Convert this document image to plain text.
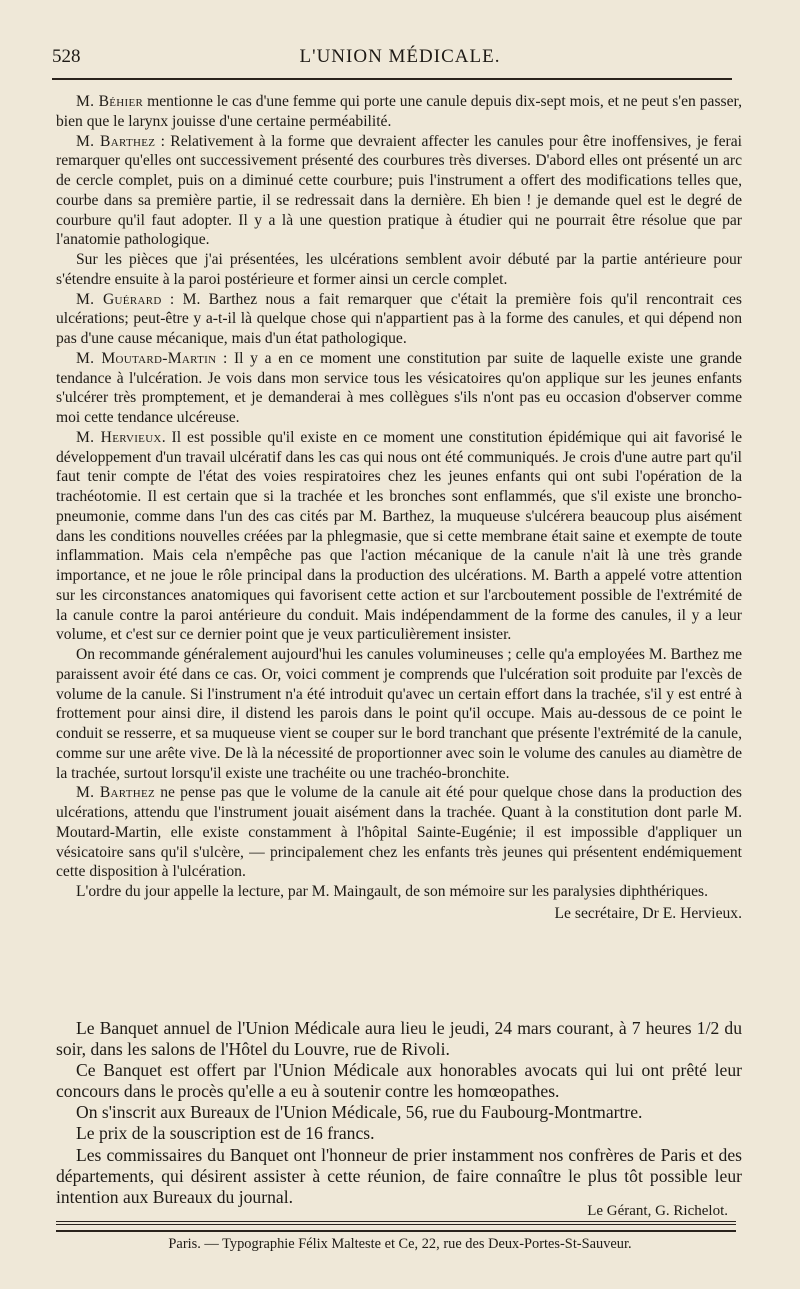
528	L'UNION MÉDICALE.

M. Béhier mentionne le cas d'une femme qui porte une canule depuis dix-sept mois, et ne peut s'en passer, bien que le larynx jouisse d'une certaine perméabilité.

M. Barthez : Relativement à la forme que devraient affecter les canules pour être inoffensives, je ferai remarquer qu'elles ont successivement présenté des courbures très diverses. D'abord elles ont présenté un arc de cercle complet, puis on a diminué cette courbure; puis l'instrument a offert des modifications telles que, courbe dans sa première partie, il se redressait dans la dernière. Eh bien ! je demande quel est le degré de courbure qu'il faut adopter. Il y a là une question pratique à étudier qui ne pourrait être résolue que par l'anatomie pathologique.

Sur les pièces que j'ai présentées, les ulcérations semblent avoir débuté par la partie antérieure pour s'étendre ensuite à la paroi postérieure et former ainsi un cercle complet.

M. Guérard : M. Barthez nous a fait remarquer que c'était la première fois qu'il rencontrait ces ulcérations; peut-être y a-t-il là quelque chose qui n'appartient pas à la forme des canules, et qui dépend non pas d'une cause mécanique, mais d'un état pathologique.

M. Moutard-Martin : Il y a en ce moment une constitution par suite de laquelle existe une grande tendance à l'ulcération. Je vois dans mon service tous les vésicatoires qu'on applique sur les jeunes enfants s'ulcérer très promptement, et je demanderai à mes collègues s'ils n'ont pas eu occasion d'observer comme moi cette tendance ulcéreuse.

M. Hervieux. Il est possible qu'il existe en ce moment une constitution épidémique qui ait favorisé le développement d'un travail ulcératif dans les cas qui nous ont été communiqués. Je crois d'une autre part qu'il faut tenir compte de l'état des voies respiratoires chez les jeunes enfants qui ont subi l'opération de la trachéotomie. Il est certain que si la trachée et les bronches sont enflammés, que s'il existe une broncho-pneumonie, comme dans l'un des cas cités par M. Barthez, la muqueuse s'ulcérera beaucoup plus aisément dans les conditions nouvelles créées par la phlegmasie, que si cette membrane était saine et exempte de toute inflammation. Mais cela n'empêche pas que l'action mécanique de la canule n'ait là une très grande importance, et ne joue le rôle principal dans la production des ulcérations. M. Barth a appelé votre attention sur les circonstances anatomiques qui favorisent cette action et sur l'arcboutement possible de l'extrémité de la canule contre la paroi antérieure du conduit. Mais indépendamment de la forme des canules, il y a leur volume, et c'est sur ce dernier point que je veux particulièrement insister.

On recommande généralement aujourd'hui les canules volumineuses ; celle qu'a employées M. Barthez me paraissent avoir été dans ce cas. Or, voici comment je comprends que l'ulcération soit produite par l'excès de volume de la canule. Si l'instrument n'a été introduit qu'avec un certain effort dans la trachée, s'il y est entré à frottement pour ainsi dire, il distend les parois dans le point qu'il occupe. Mais au-dessous de ce point le conduit se resserre, et sa muqueuse vient se couper sur le bord tranchant que présente l'extrémité de la canule, comme sur une arête vive. De là la nécessité de proportionner avec soin le volume des canules au diamètre de la trachée, surtout lorsqu'il existe une trachéite ou une trachéo-bronchite.

M. Barthez ne pense pas que le volume de la canule ait été pour quelque chose dans la production des ulcérations, attendu que l'instrument jouait aisément dans la trachée. Quant à la constitution dont parle M. Moutard-Martin, elle existe constamment à l'hôpital Sainte-Eugénie; il est impossible d'appliquer un vésicatoire sans qu'il s'ulcère, — principalement chez les enfants très jeunes qui présentent endémiquement cette disposition à l'ulcération.

L'ordre du jour appelle la lecture, par M. Maingault, de son mémoire sur les paralysies diphthériques.

Le secrétaire, Dr E. Hervieux.

Le Banquet annuel de l'Union Médicale aura lieu le jeudi, 24 mars courant, à 7 heures 1/2 du soir, dans les salons de l'Hôtel du Louvre, rue de Rivoli.

Ce Banquet est offert par l'Union Médicale aux honorables avocats qui lui ont prêté leur concours dans le procès qu'elle a eu à soutenir contre les homœopathes.

On s'inscrit aux Bureaux de l'Union Médicale, 56, rue du Faubourg-Montmartre.

Le prix de la souscription est de 16 francs.

Les commissaires du Banquet ont l'honneur de prier instamment nos confrères de Paris et des départements, qui désirent assister à cette réunion, de faire connaître le plus tôt possible leur intention aux Bureaux du journal.

Le Gérant, G. Richelot.
Paris. — Typographie Félix Malteste et Ce, 22, rue des Deux-Portes-St-Sauveur.
